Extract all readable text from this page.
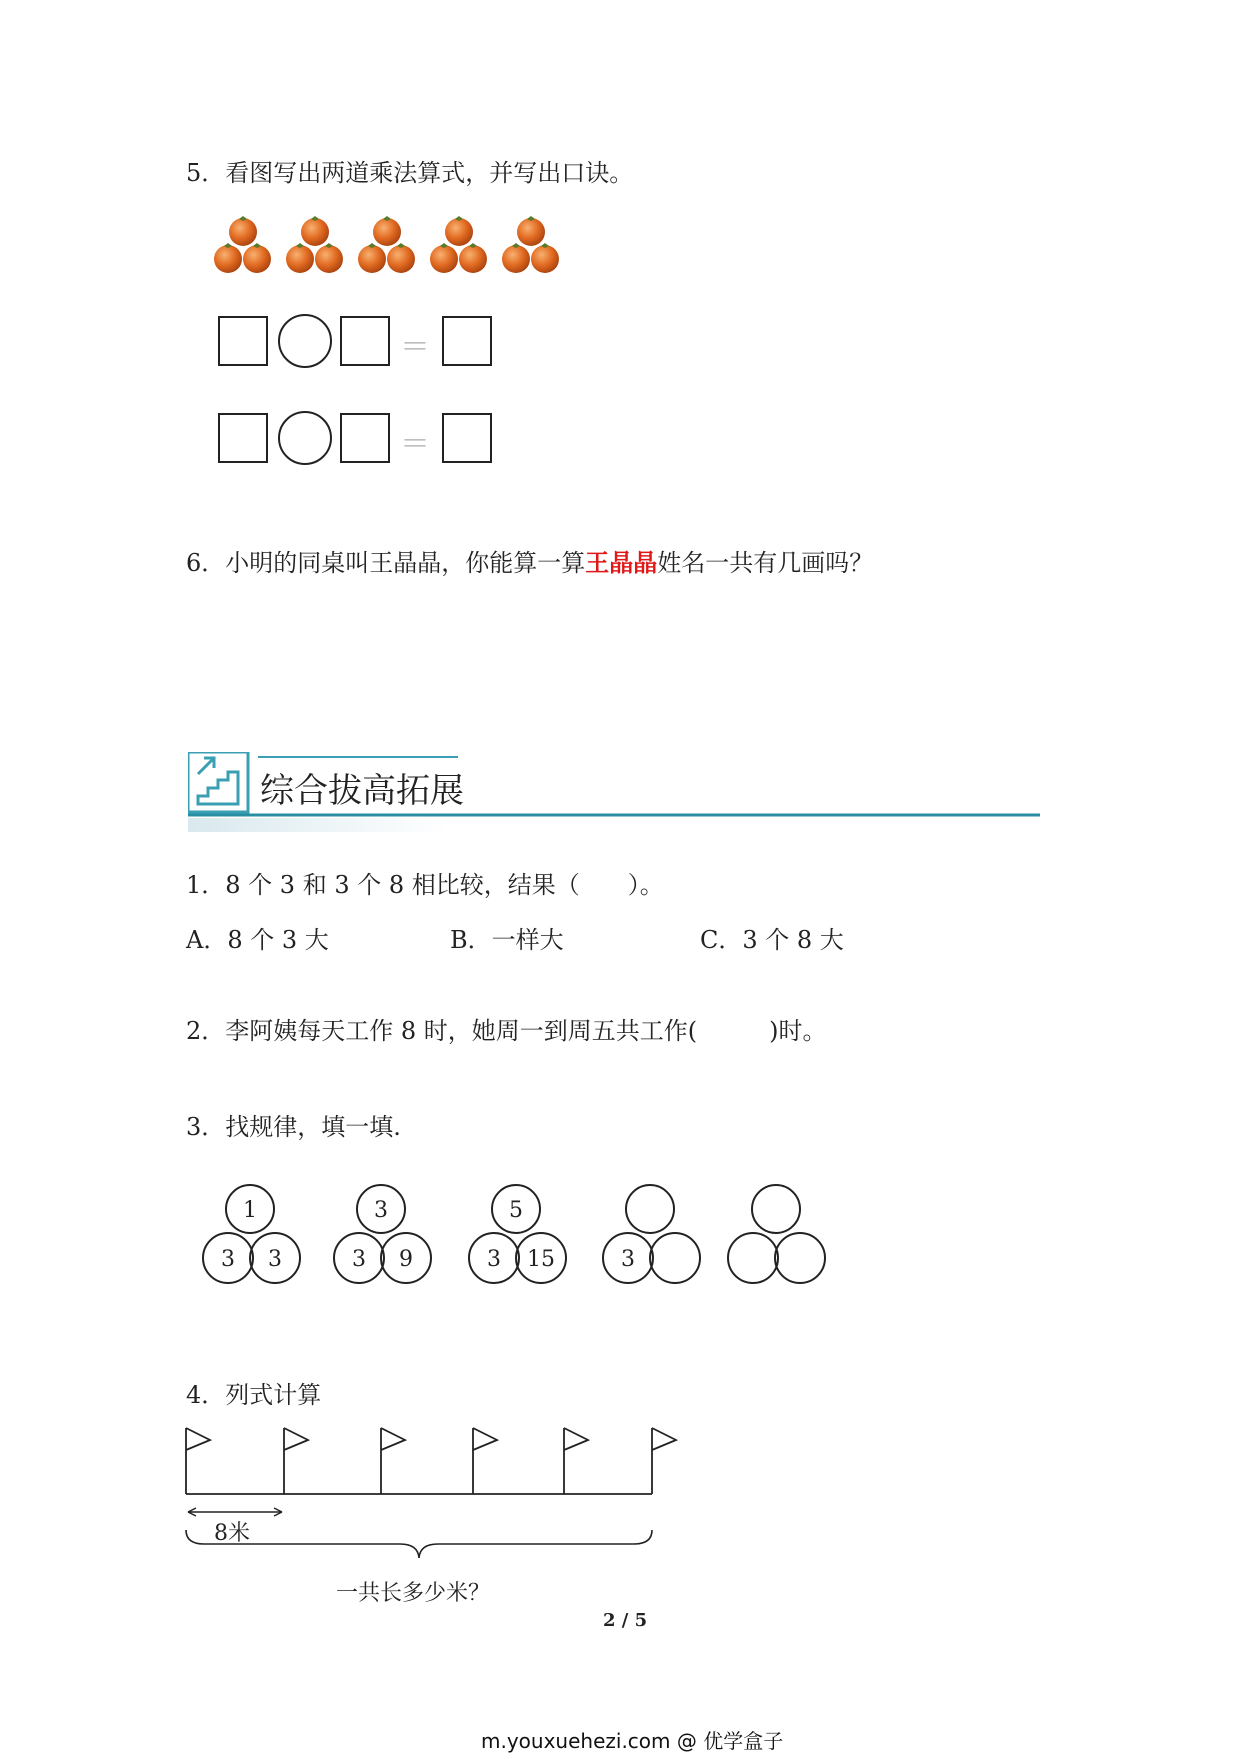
5．看图写出两道乘法算式，并写出口诀。
＝
＝
6．小明的同桌叫王晶晶，你能算一算王晶晶姓名一共有几画吗？
综合拔高拓展
1．8 个 3 和 3 个 8 相比较，结果（　　）。
A．8 个 3 大	B．一样大	C．3 个 8 大
2．李阿姨每天工作 8 时，她周一到周五共工作(　　　)时。
3．找规律，填一填.
1
3 3
3
3 9
5
3 15	3
4．列式计算
8米
一共长多少米？
2 / 5
m.youxuehezi.com @ 优学盒子
